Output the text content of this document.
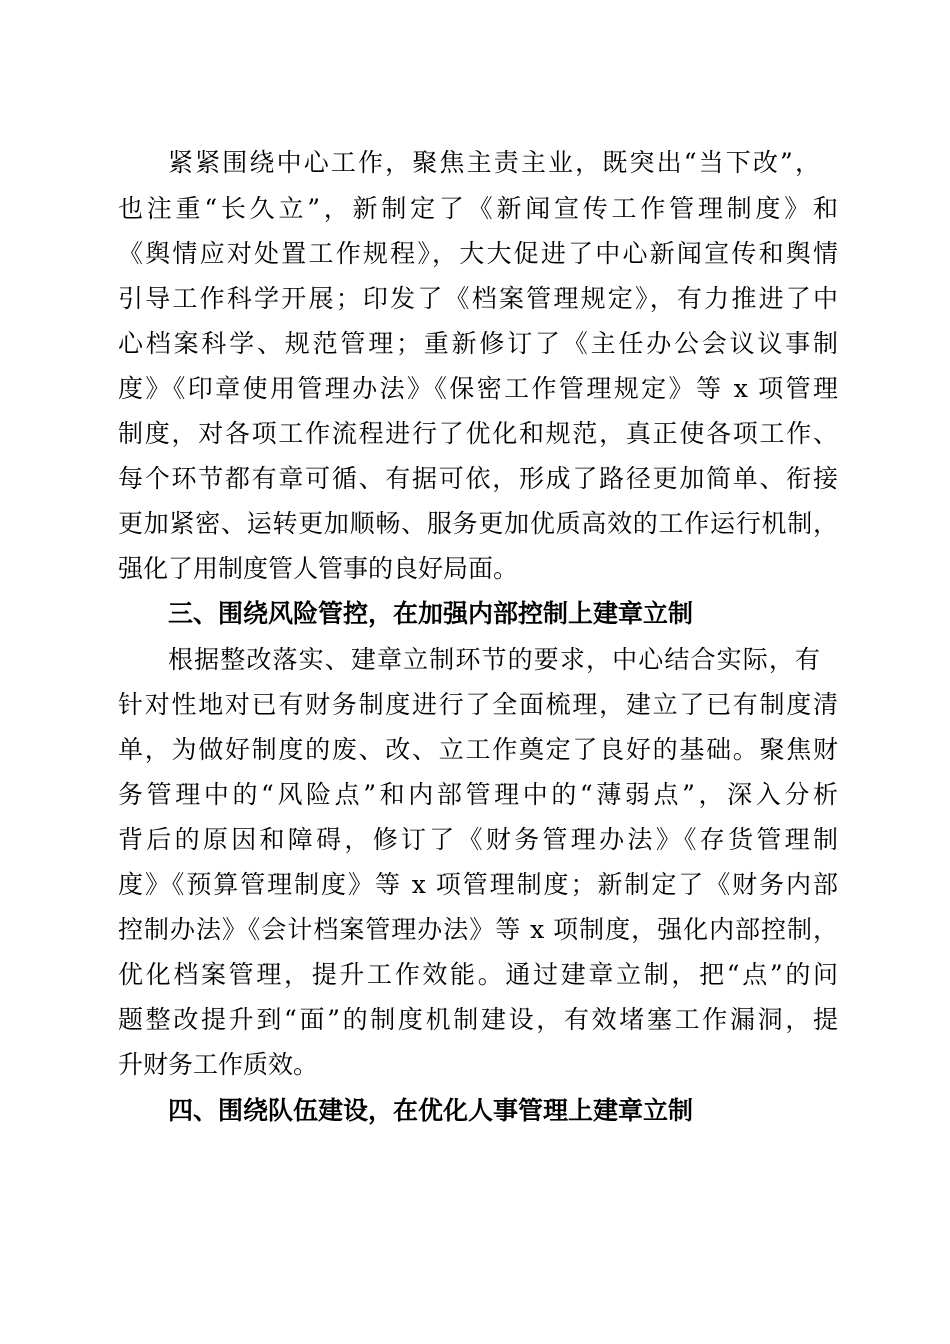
紧紧围绕中心工作，聚焦主责主业，既突出“当下改”，
也注重“长久立”，新制定了《新闻宣传工作管理制度》和
《舆情应对处置工作规程》，大大促进了中心新闻宣传和舆情
引导工作科学开展；印发了《档案管理规定》，有力推进了中
心档案科学、规范管理；重新修订了《主任办公会议议事制
度》《印章使用管理办法》《保密工作管理规定》等 x 项管理
制度，对各项工作流程进行了优化和规范，真正使各项工作、
每个环节都有章可循、有据可依，形成了路径更加简单、衔接
更加紧密、运转更加顺畅、服务更加优质高效的工作运行机制，
强化了用制度管人管事的良好局面。
三、围绕风险管控，在加强内部控制上建章立制
根据整改落实、建章立制环节的要求，中心结合实际，有
针对性地对已有财务制度进行了全面梳理，建立了已有制度清
单，为做好制度的废、改、立工作奠定了良好的基础。聚焦财
务管理中的“风险点”和内部管理中的“薄弱点”，深入分析
背后的原因和障碍，修订了《财务管理办法》《存货管理制
度》《预算管理制度》等 x 项管理制度；新制定了《财务内部
控制办法》《会计档案管理办法》等 x 项制度，强化内部控制，
优化档案管理，提升工作效能。通过建章立制，把“点”的问
题整改提升到“面”的制度机制建设，有效堵塞工作漏洞，提
升财务工作质效。
四、围绕队伍建设，在优化人事管理上建章立制
